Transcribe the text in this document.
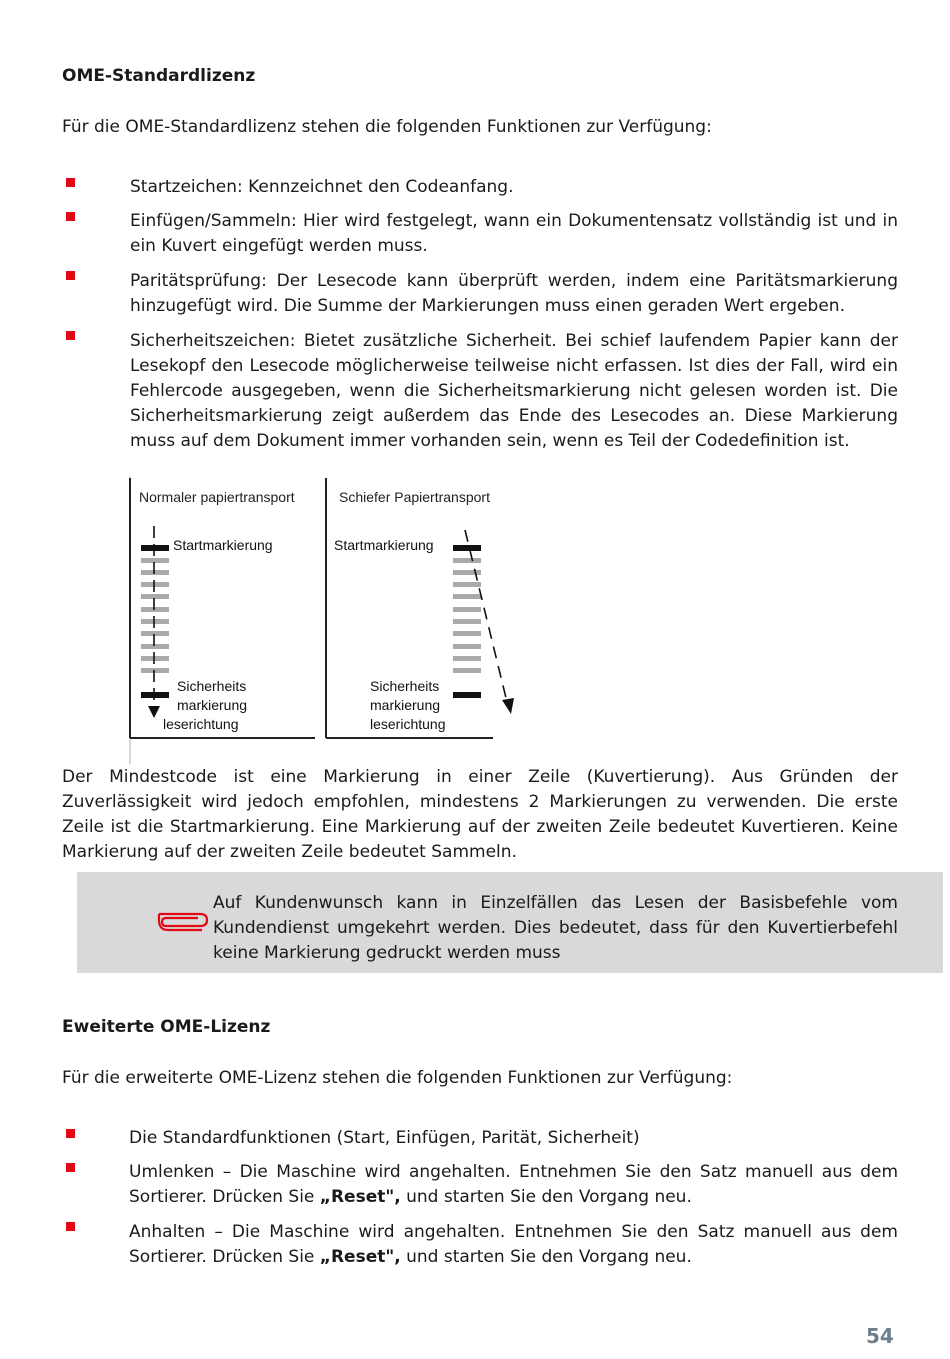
OME-Standardlizenz
Für die OME-Standardlizenz stehen die folgenden Funktionen zur Verfügung:
Startzeichen: Kennzeichnet den Codeanfang.
Einfügen/Sammeln: Hier wird festgelegt, wann ein Dokumentensatz vollständig ist und in ein Kuvert eingefügt werden muss.
Paritätsprüfung: Der Lesecode kann überprüft werden, indem eine Paritätsmarkierung hinzugefügt wird. Die Summe der Markierungen muss einen geraden Wert ergeben.
Sicherheitszeichen: Bietet zusätzliche Sicherheit. Bei schief laufendem Papier kann der Lesekopf den Lesecode möglicherweise teilweise nicht erfassen. Ist dies der Fall, wird ein Fehlercode ausgegeben, wenn die Sicherheitsmarkierung nicht gelesen worden ist. Die Sicherheitsmarkierung zeigt außerdem das Ende des Lesecodes an. Diese Markierung muss auf dem Dokument immer vorhanden sein, wenn es Teil der Codedefinition ist.
Normaler papiertransport	Schiefer Papiertransport
Startmarkierung
Sicherheits
markierung
leserichtung
Startmarkierung
Sicherheits
markierung
leserichtung
Der Mindestcode ist eine Markierung in einer Zeile (Kuvertierung). Aus Gründen der Zuverlässigkeit wird jedoch empfohlen, mindestens 2 Markierungen zu verwenden. Die erste Zeile ist die Startmarkierung. Eine Markierung auf der zweiten Zeile bedeutet Kuvertieren. Keine Markierung auf der zweiten Zeile bedeutet Sammeln.
Auf Kundenwunsch kann in Einzelfällen das Lesen der Basisbefehle vom Kundendienst umgekehrt werden. Dies bedeutet, dass für den Kuvertierbefehl keine Markierung gedruckt werden muss
Eweiterte OME-Lizenz
Für die erweiterte OME-Lizenz stehen die folgenden Funktionen zur Verfügung:
Die Standardfunktionen (Start, Einfügen, Parität, Sicherheit)
Umlenken – Die Maschine wird angehalten. Entnehmen Sie den Satz manuell aus dem Sortierer. Drücken Sie „Reset", und starten Sie den Vorgang neu.
Anhalten – Die Maschine wird angehalten. Entnehmen Sie den Satz manuell aus dem Sortierer. Drücken Sie „Reset", und starten Sie den Vorgang neu.
54
